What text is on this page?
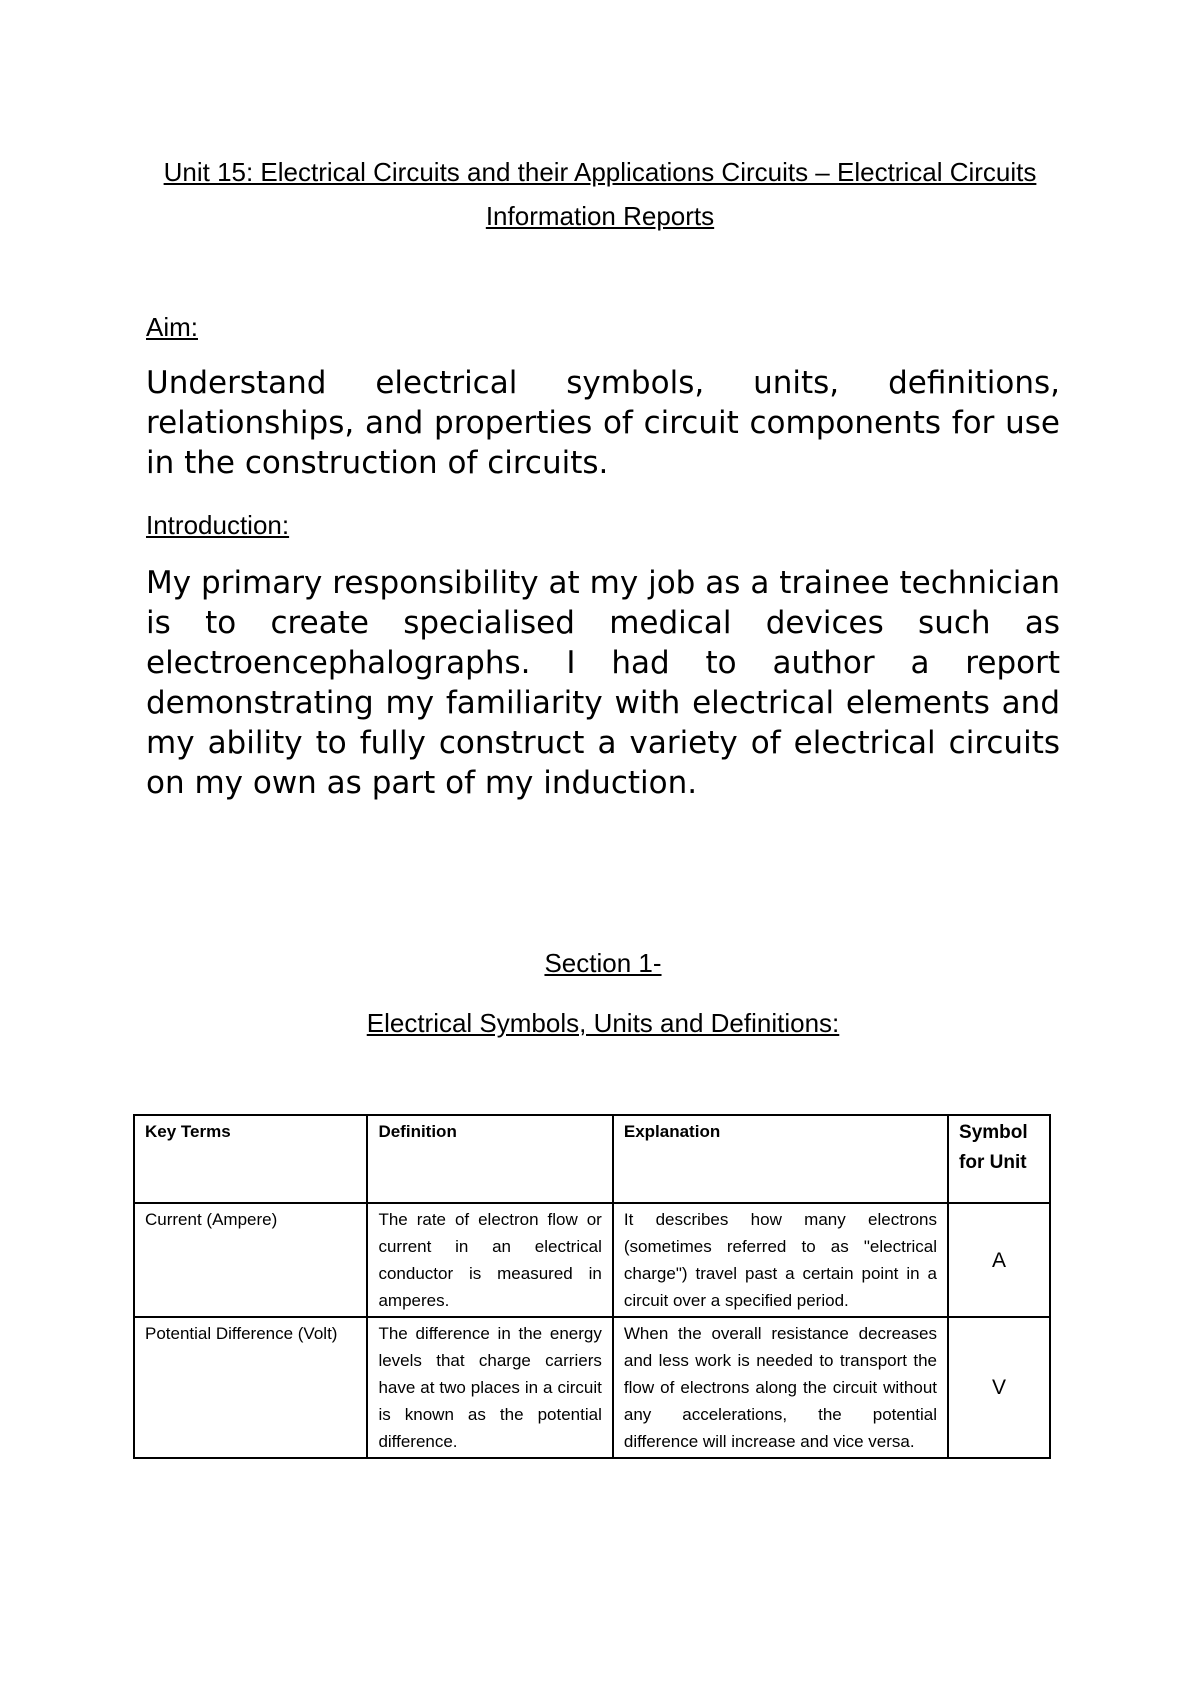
Unit 15: Electrical Circuits and their Applications Circuits – Electrical Circuits Information Reports
Aim:
Understand electrical symbols, units, definitions, relationships, and properties of circuit components for use in the construction of circuits.
Introduction:
My primary responsibility at my job as a trainee technician is to create specialised medical devices such as electroencephalographs. I had to author a report demonstrating my familiarity with electrical elements and my ability to fully construct a variety of electrical circuits on my own as part of my induction.
Section 1-
Electrical Symbols, Units and Definitions:
Key Terms	Definition	Explanation	Symbol for Unit
Current (Ampere)	The rate of electron flow or current in an electrical conductor is measured in amperes.	It describes how many electrons (sometimes referred to as "electrical charge") travel past a certain point in a circuit over a specified period.	A
Potential Difference (Volt)	The difference in the energy levels that charge carriers have at two places in a circuit is known as the potential difference.	When the overall resistance decreases and less work is needed to transport the flow of electrons along the circuit without any accelerations, the potential difference will increase and vice versa.	V
